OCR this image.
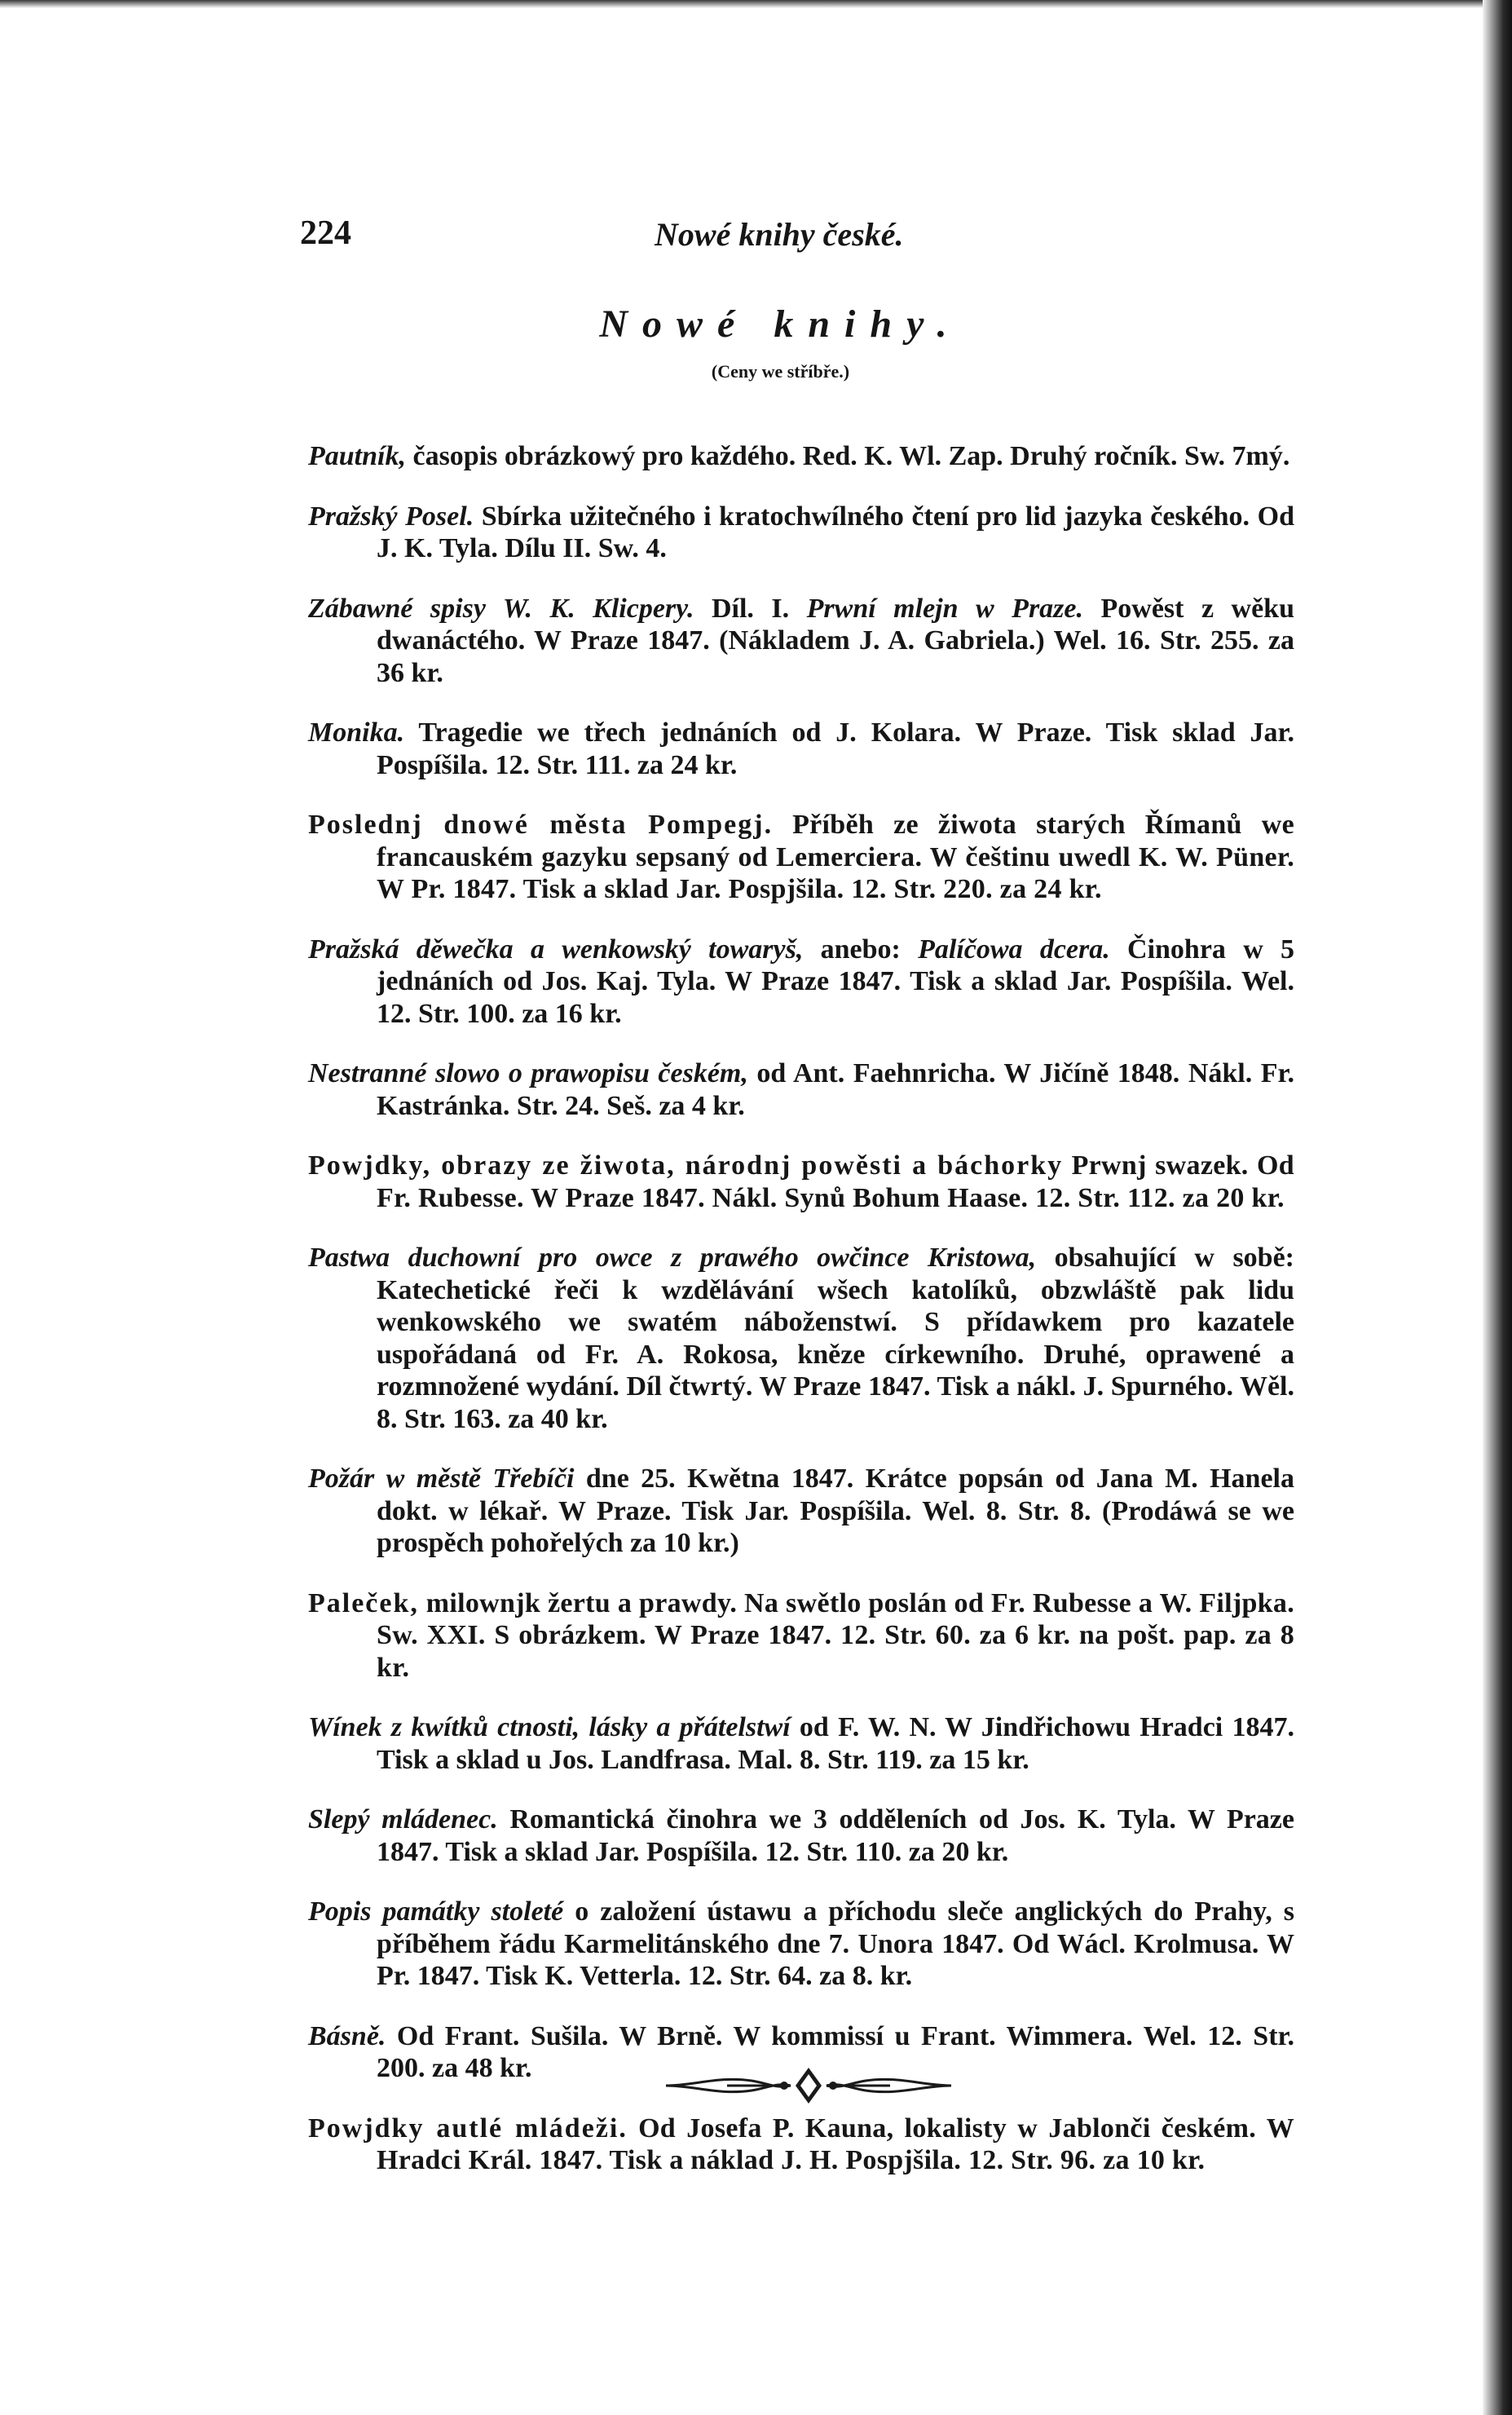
224	Nowé knihy české.
Nowé knihy.
(Ceny we stříbře.)

Pautník, časopis obrázkowý pro každého. Red. K. Wl. Zap. Druhý ročník. Sw. 7mý.

Pražský Posel. Sbírka užitečného i kratochwílného čtení pro lid jazyka českého. Od J. K. Tyla. Dílu II. Sw. 4.

Zábawné spisy W. K. Klicpery. Díl. I. Prwní mlejn w Praze. Powěst z wěku dwanáctého. W Praze 1847. (Nákladem J. A. Gabriela.) Wel. 16. Str. 255. za 36 kr.

Monika. Tragedie we třech jednáních od J. Kolara. W Praze. Tisk sklad Jar. Pospíšila. 12. Str. 111. za 24 kr.

Poslednj dnowé města Pompegj. Příběh ze žiwota starých Římanů we francauském gazyku sepsaný od Lemerciera. W češtinu uwedl K. W. Püner. W Pr. 1847. Tisk a sklad Jar. Pospjšila. 12. Str. 220. za 24 kr.

Pražská děwečka a wenkowský towaryš, anebo: Palíčowa dcera. Činohra w 5 jednáních od Jos. Kaj. Tyla. W Praze 1847. Tisk a sklad Jar. Pospíšila. Wel. 12. Str. 100. za 16 kr.

Nestranné slowo o prawopisu českém, od Ant. Faehnricha. W Jičíně 1848. Nákl. Fr. Kastránka. Str. 24. Seš. za 4 kr.

Powjdky, obrazy ze žiwota, národnj powěsti a báchorky Prwnj swazek. Od Fr. Rubesse. W Praze 1847. Nákl. Synů Bohum Haase. 12. Str. 112. za 20 kr.

Pastwa duchowní pro owce z prawého owčince Kristowa, obsahující w sobě: Katechetické řeči k wzdělávání wšech katolíků, obzwláště pak lidu wenkowského we swatém náboženstwí. S přídawkem pro kazatele uspořádaná od Fr. A. Rokosa, kněze církewního. Druhé, oprawené a rozmnožené wydání. Díl čtwrtý. W Praze 1847. Tisk a nákl. J. Spurného. Wěl. 8. Str. 163. za 40 kr.

Požár w městě Třebíči dne 25. Kwětna 1847. Krátce popsán od Jana M. Hanela dokt. w lékař. W Praze. Tisk Jar. Pospíšila. Wel. 8. Str. 8. (Prodáwá se we prospěch pohořelých za 10 kr.)

Paleček, milownjk žertu a prawdy. Na swětlo poslán od Fr. Rubesse a W. Filjpka. Sw. XXI. S obrázkem. W Praze 1847. 12. Str. 60. za 6 kr. na pošt. pap. za 8 kr.

Wínek z kwítků ctnosti, lásky a přátelstwí od F. W. N. W Jindřichowu Hradci 1847. Tisk a sklad u Jos. Landfrasa. Mal. 8. Str. 119. za 15 kr.

Slepý mládenec. Romantická činohra we 3 odděleních od Jos. K. Tyla. W Praze 1847. Tisk a sklad Jar. Pospíšila. 12. Str. 110. za 20 kr.

Popis památky stoleté o založení ústawu a příchodu sleče anglických do Prahy, s příběhem řádu Karmelitánského dne 7. Unora 1847. Od Wácl. Krolmusa. W Pr. 1847. Tisk K. Vetterla. 12. Str. 64. za 8. kr.

Básně. Od Frant. Sušila. W Brně. W kommissí u Frant. Wimmera. Wel. 12. Str. 200. za 48 kr.

Powjdky autlé mládeži. Od Josefa P. Kauna, lokalisty w Jablonči českém. W Hradci Král. 1847. Tisk a náklad J. H. Pospjšila. 12. Str. 96. za 10 kr.
